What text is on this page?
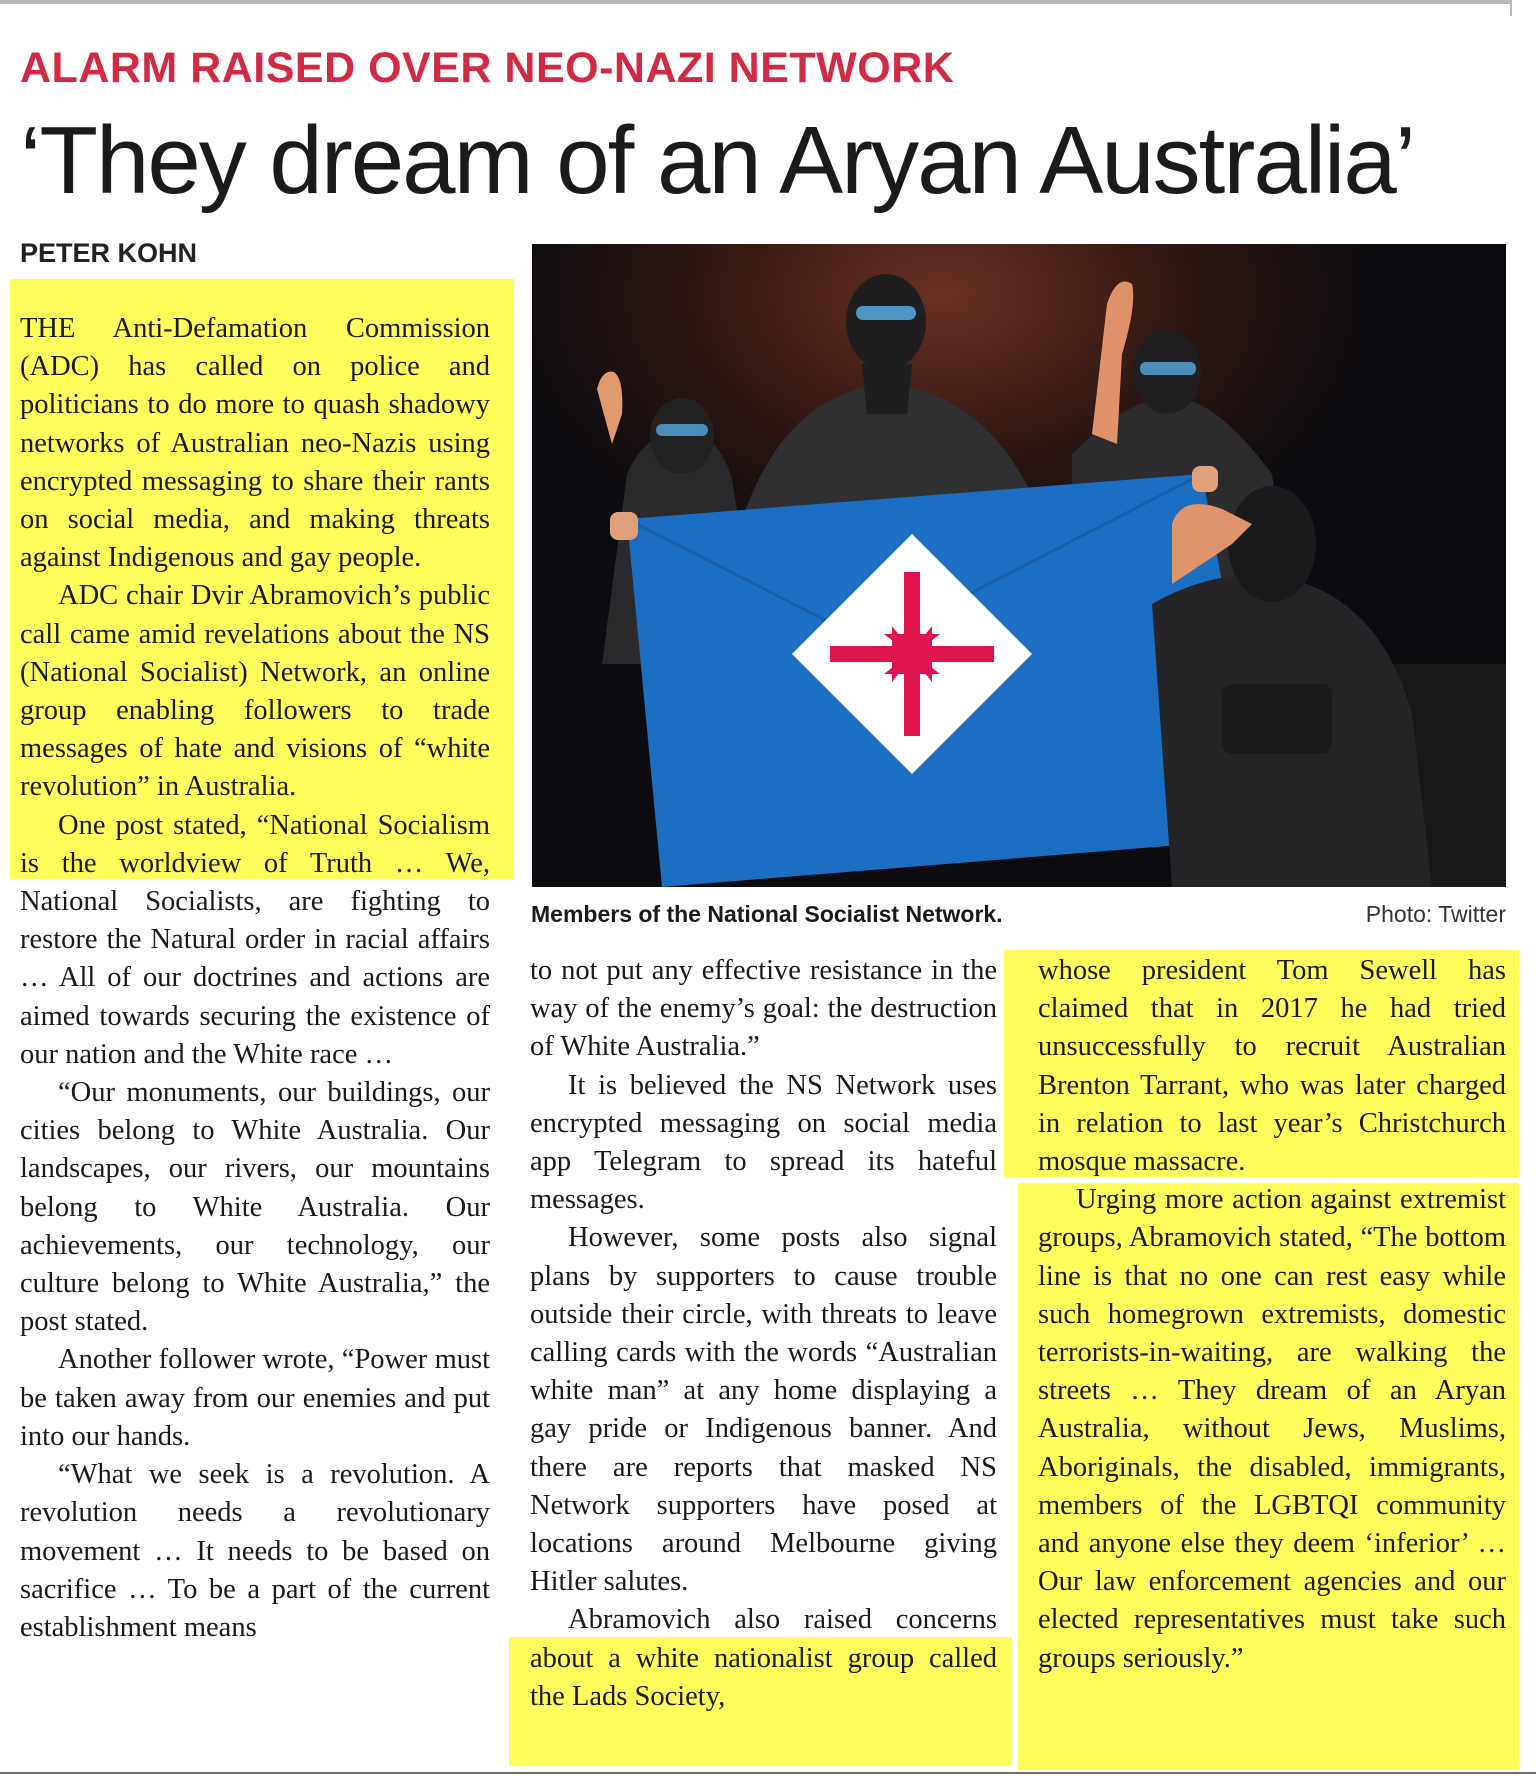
ALARM RAISED OVER NEO-NAZI NETWORK
‘They dream of an Aryan Australia’
PETER KOHN

THE Anti-Defamation Commission (ADC) has called on police and politicians to do more to quash shadowy networks of Australian neo-Nazis using encrypted messaging to share their rants on social media, and making threats against Indigenous and gay people.

ADC chair Dvir Abramovich’s public call came amid revelations about the NS (National Socialist) Network, an online group enabling followers to trade messages of hate and visions of “white revolution” in Australia.

One post stated, “National Socialism is the worldview of Truth … We, National Socialists, are fighting to restore the Natural order in racial affairs … All of our doctrines and actions are aimed towards securing the existence of our nation and the White race …

“Our monuments, our buildings, our cities belong to White Australia. Our landscapes, our rivers, our mountains belong to White Australia. Our achievements, our technology, our culture belong to White Australia,” the post stated.

Another follower wrote, “Power must be taken away from our enemies and put into our hands.

“What we seek is a revolution. A revolution needs a revolutionary movement … It needs to be based on sacrifice … To be a part of the current establishment means

to not put any effective resistance in the way of the enemy’s goal: the destruction of White Australia.”

It is believed the NS Network uses encrypted messaging on social media app Telegram to spread its hateful messages.

However, some posts also signal plans by supporters to cause trouble outside their circle, with threats to leave calling cards with the words “Australian white man” at any home displaying a gay pride or Indigenous banner. And there are reports that masked NS Network supporters have posed at locations around Melbourne giving Hitler salutes.

Abramovich also raised concerns about a white nationalist group called the Lads Society,

whose president Tom Sewell has claimed that in 2017 he had tried unsuccessfully to recruit Australian Brenton Tarrant, who was later charged in relation to last year’s Christchurch mosque massacre.

Urging more action against extremist groups, Abramovich stated, “The bottom line is that no one can rest easy while such homegrown extremists, domestic terrorists-in-waiting, are walking the streets … They dream of an Aryan Australia, without Jews, Muslims, Aboriginals, the disabled, immigrants, members of the LGBTQI community and anyone else they deem ‘inferior’ … Our law enforcement agencies and our elected representatives must take such groups seriously.”

Members of the National Socialist Network.	Photo: Twitter
